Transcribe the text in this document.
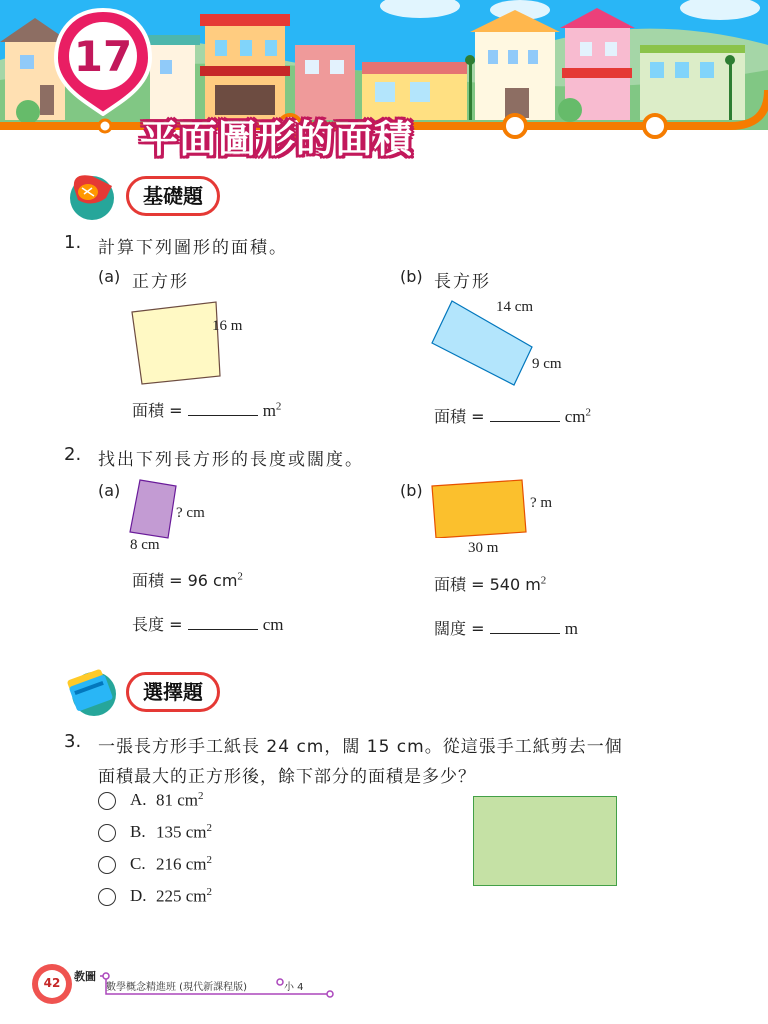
17
平面圖形的面積
基礎題
1. 計算下列圖形的面積。
(a) 正方形
16 m
面積 =	$m^2$
(b) 長方形
14 cm
9 cm
面積 =	$cm^2$
2. 找出下列長方形的長度或闊度。
(a)
? cm
8 cm
面積 = 96 $cm^2$
長度 =	cm
(b)
? m
30 m
面積 = 540 $m^2$
闊度 =	m
選擇題
3. 一張長方形手工紙長 24 cm，闊 15 cm。從這張手工紙剪去一個
面積最大的正方形後，餘下部分的面積是多少？
A. 81 $cm^2$
B. 135 $cm^2$
C. 216 $cm^2$
D. 225 $cm^2$
42	教圖
數學概念精進班 (現代新課程版)	小 4
